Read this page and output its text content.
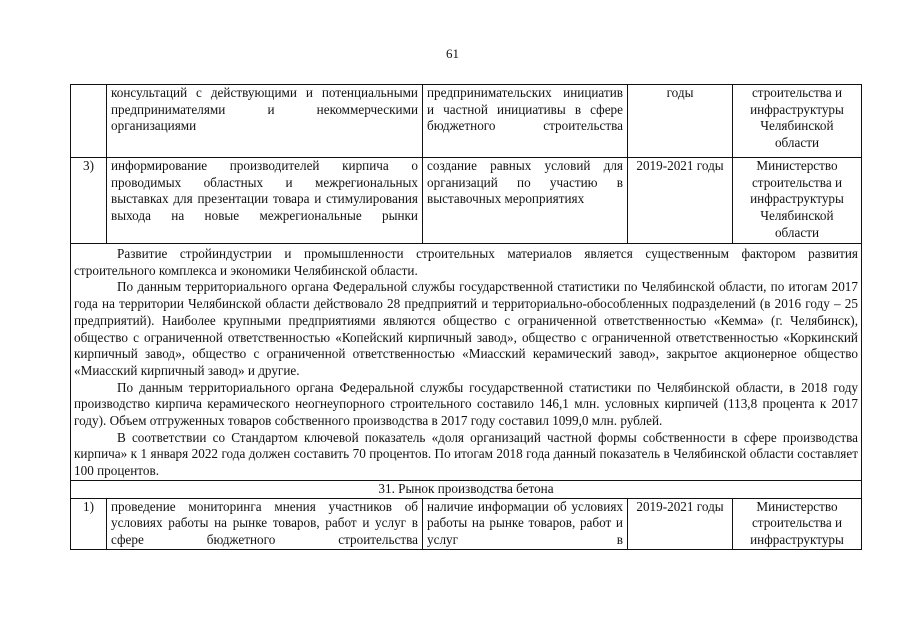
61
	консультаций с действующими и потенциальными предпринимателями и некоммерческими организациями	предпринимательских инициатив и частной инициативы в сфере бюджетного строительства	годы	строительства и инфраструктуры Челябинской области
3)	информирование производителей кирпича о проводимых областных и межрегиональных выставках для презентации товара и стимулирования выхода на новые межрегиональные рынки	создание равных условий для организаций по участию в выставочных мероприятиях	2019-2021 годы	Министерство строительства и инфраструктуры Челябинской области

Развитие стройиндустрии и промышленности строительных материалов является существенным фактором развития строительного комплекса и экономики Челябинской области.
По данным территориального органа Федеральной службы государственной статистики по Челябинской области, по итогам 2017 года на территории Челябинской области действовало 28 предприятий и территориально-обособленных подразделений (в 2016 году – 25 предприятий). Наиболее крупными предприятиями являются общество с ограниченной ответственностью «Кемма» (г. Челябинск), общество с ограниченной ответственностью «Копейский кирпичный завод», общество с ограниченной ответственностью «Коркинский кирпичный завод», общество с ограниченной ответственностью «Миасский керамический завод», закрытое акционерное общество «Миасский кирпичный завод» и другие.
По данным территориального органа Федеральной службы государственной статистики по Челябинской области, в 2018 году производство кирпича керамического неогнеупорного строительного составило 146,1 млн. условных кирпичей (113,8 процента к 2017 году). Объем отгруженных товаров собственного производства в 2017 году составил 1099,0 млн. рублей.
В соответствии со Стандартом ключевой показатель «доля организаций частной формы собственности в сфере производства кирпича» к 1 января 2022 года должен составить 70 процентов. По итогам 2018 года данный показатель в Челябинской области составляет 100 процентов.				

31. Рынок производства бетона				
1)	проведение мониторинга мнения участников об условиях работы на рынке товаров, работ и услуг в сфере бюджетного строительства	наличие информации об условиях работы на рынке товаров, работ и услуг в	2019-2021 годы	Министерство строительства и инфраструктуры
